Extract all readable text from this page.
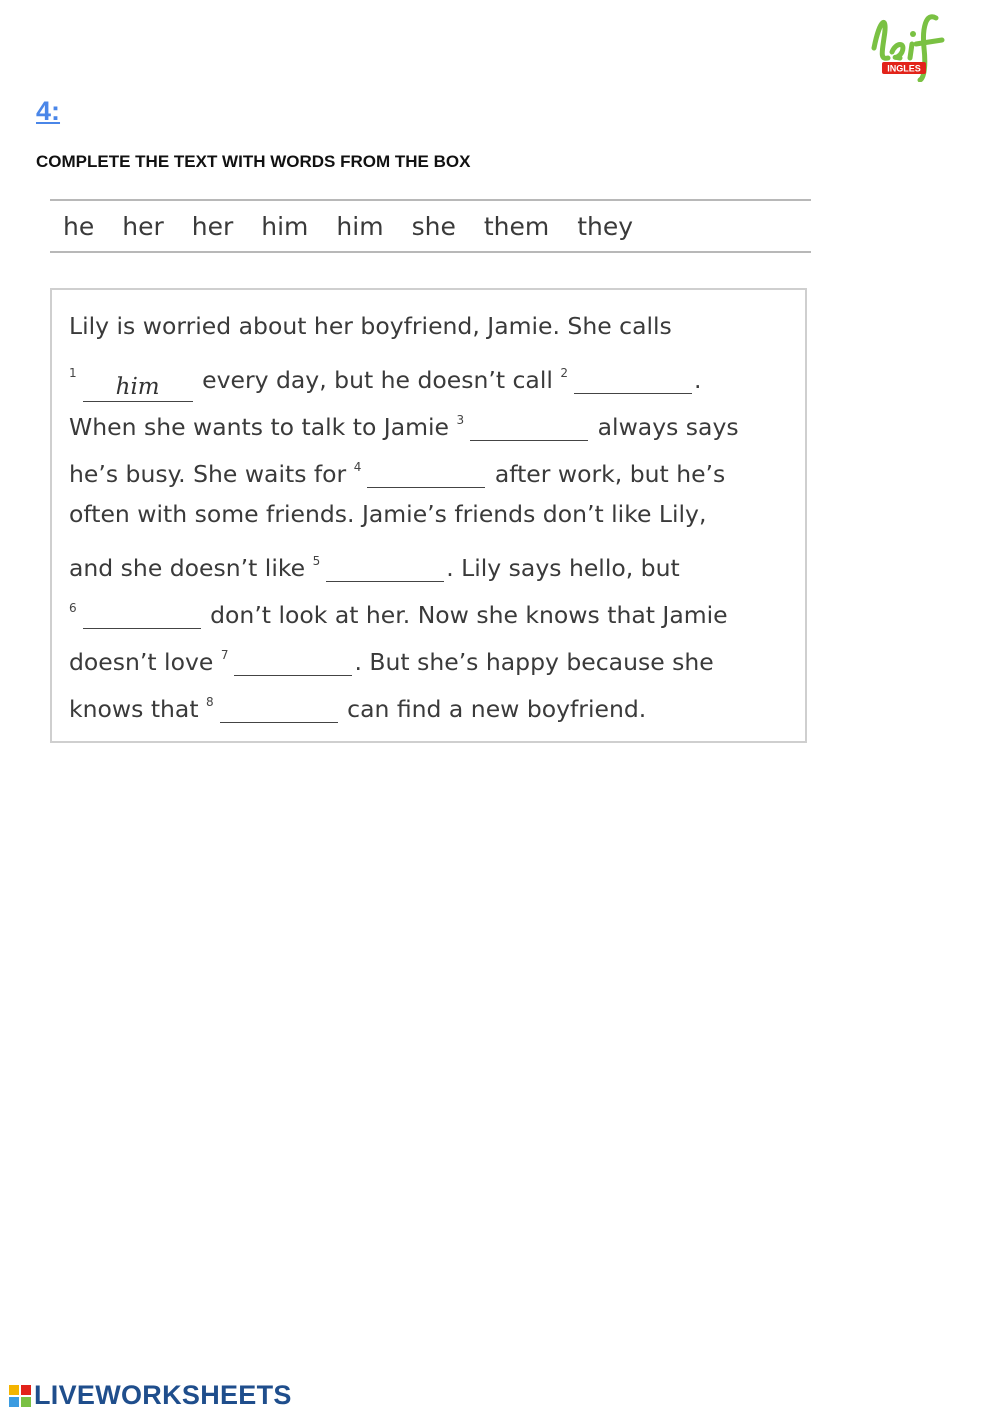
INGLES
4:
COMPLETE THE TEXT WITH WORDS FROM THE BOX
he her her him him she them they
Lily is worried about her boyfriend, Jamie. She calls
$^1$him every day, but he doesn’t call $^2$	.
When she wants to talk to Jamie $^3$	always says
he’s busy. She waits for $^4$	after work, but he’s
often with some friends. Jamie’s friends don’t like Lily,
and she doesn’t like $^5$	. Lily says hello, but
$^6$	don’t look at her. Now she knows that Jamie
doesn’t love $^7$	. But she’s happy because she
knows that $^8$	can find a new boyfriend.
LIVEWORKSHEETS
